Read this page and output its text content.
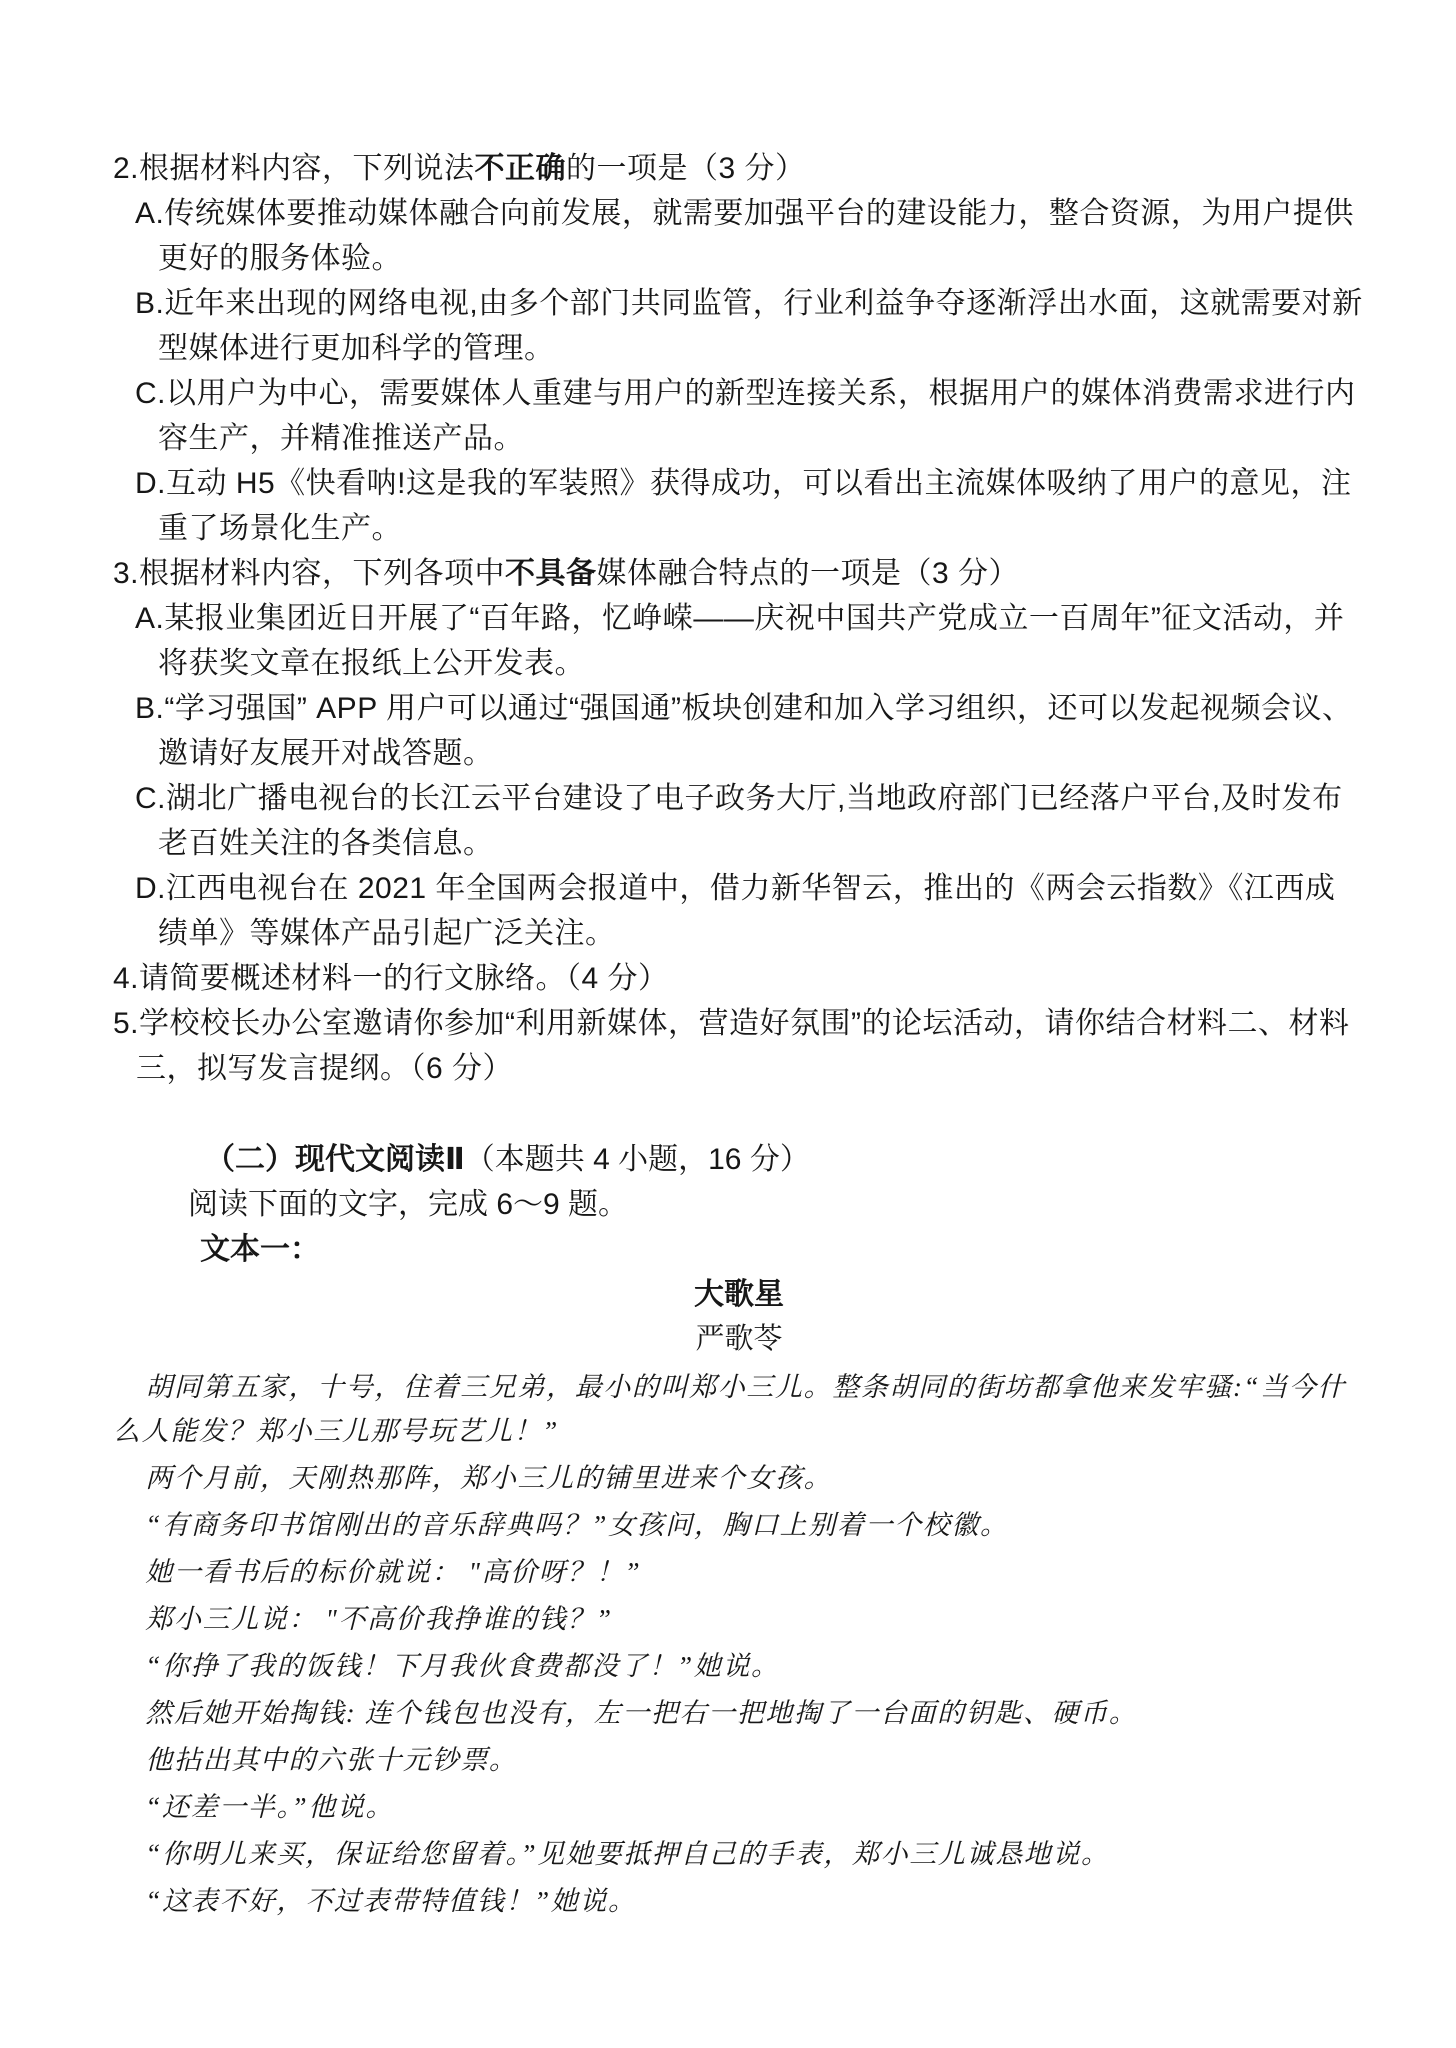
2.根据材料内容，下列说法不正确的一项是（3 分）

A.传统媒体要推动媒体融合向前发展，就需要加强平台的建设能力，整合资源，为用户提供更好的服务体验。

B.近年来出现的网络电视,由多个部门共同监管，行业利益争夺逐渐浮出水面，这就需要对新型媒体进行更加科学的管理。

C.以用户为中心，需要媒体人重建与用户的新型连接关系，根据用户的媒体消费需求进行内容生产，并精准推送产品。

D.互动 H5《快看呐!这是我的军装照》获得成功，可以看出主流媒体吸纳了用户的意见，注重了场景化生产。

3.根据材料内容，下列各项中不具备媒体融合特点的一项是（3 分）

A.某报业集团近日开展了“百年路，忆峥嵘——庆祝中国共产党成立一百周年”征文活动，并将获奖文章在报纸上公开发表。

B.“学习强国” APP 用户可以通过“强国通”板块创建和加入学习组织，还可以发起视频会议、邀请好友展开对战答题。

C.湖北广播电视台的长江云平台建设了电子政务大厅,当地政府部门已经落户平台,及时发布老百姓关注的各类信息。

D.江西电视台在 2021 年全国两会报道中，借力新华智云，推出的《两会云指数》《江西成绩单》等媒体产品引起广泛关注。

4.请简要概述材料一的行文脉络。（4 分）

5.学校校长办公室邀请你参加“利用新媒体，营造好氛围”的论坛活动，请你结合材料二、材料三，拟写发言提纲。（6 分）

（二）现代文阅读Ⅱ（本题共 4 小题，16 分）
阅读下面的文字，完成 6～9 题。
文本一：
大歌星
严歌苓

胡同第五家，十号，住着三兄弟，最小的叫郑小三儿。整条胡同的街坊都拿他来发牢骚:“当今什么人能发？郑小三儿那号玩艺儿！”

两个月前，天刚热那阵，郑小三儿的铺里进来个女孩。

“有商务印书馆刚出的音乐辞典吗？”女孩问，胸口上别着一个校徽。

她一看书后的标价就说： "高价呀？！”

郑小三儿说： "不高价我挣谁的钱？”

“你挣了我的饭钱！下月我伙食费都没了！”她说。

然后她开始掏钱: 连个钱包也没有，左一把右一把地掏了一台面的钥匙、硬币。

他拈出其中的六张十元钞票。

“还差一半。”他说。

“你明儿来买，保证给您留着。”见她要抵押自己的手表，郑小三儿诚恳地说。

“这表不好，不过表带特值钱！”她说。
